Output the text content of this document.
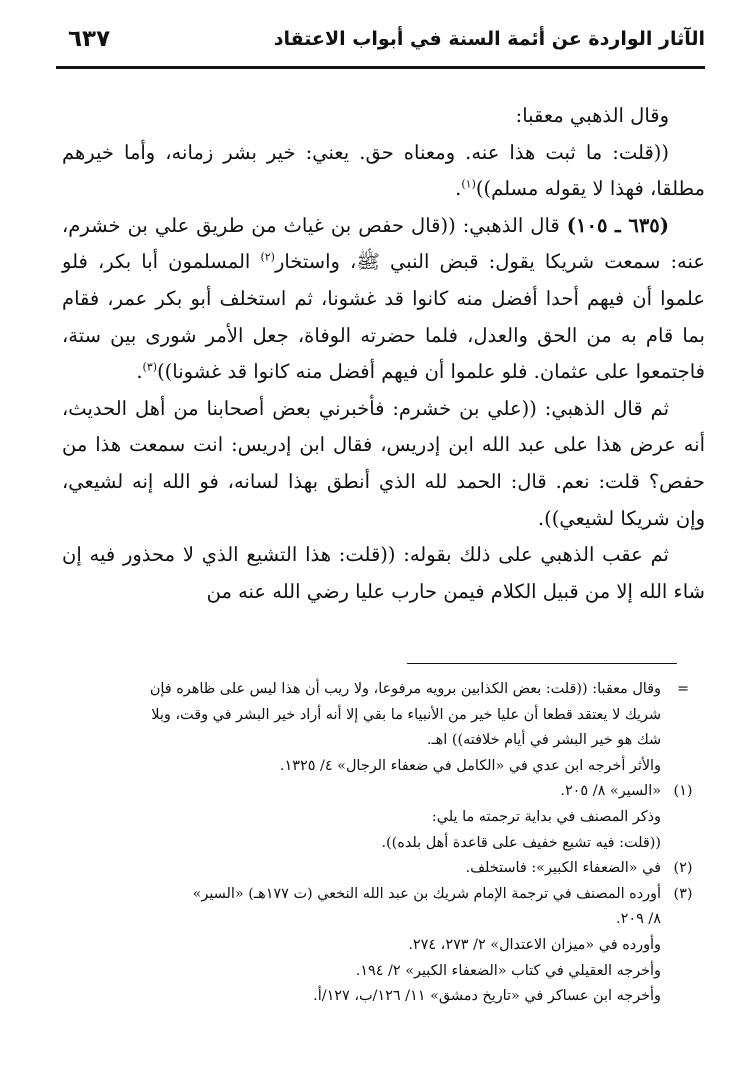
الآثار الواردة عن أئمة السنة في أبواب الاعتقاد
٦٣٧

وقال الذهبي معقبا:

((قلت: ما ثبت هذا عنه. ومعناه حق. يعني: خير بشر زمانه، وأما خيرهم مطلقا، فهذا لا يقوله مسلم))$^{(١)}$.

(٦٣٥ ـ ١٠٥) قال الذهبي: ((قال حفص بن غياث من طريق علي بن خشرم، عنه: سمعت شريكا يقول: قبض النبي ﷺ، واستخار$^{(٢)}$ المسلمون أبا بكر، فلو علموا أن فيهم أحدا أفضل منه كانوا قد غشونا، ثم استخلف أبو بكر عمر، فقام بما قام به من الحق والعدل، فلما حضرته الوفاة، جعل الأمر شورى بين ستة، فاجتمعوا على عثمان. فلو علموا أن فيهم أفضل منه كانوا قد غشونا))$^{(٣)}$.

ثم قال الذهبي: ((علي بن خشرم: فأخبرني بعض أصحابنا من أهل الحديث، أنه عرض هذا على عبد الله ابن إدريس، فقال ابن إدريس: انت سمعت هذا من حفص؟ قلت: نعم. قال: الحمد لله الذي أنطق بهذا لسانه، فو الله إنه لشيعي، وإن شريكا لشيعي)).

ثم عقب الذهبي على ذلك بقوله: ((قلت: هذا التشيع الذي لا محذور فيه إن شاء الله إلا من قبيل الكلام فيمن حارب عليا رضي الله عنه من

=
وقال معقبا: ((قلت: بعض الكذابين برويه مرفوعا، ولا ريب أن هذا ليس على ظاهره فإن
شريك لا يعتقد قطعا أن عليا خير من الأنبياء ما بقي إلا أنه أراد خير البشر في وقت، وبلا
شك هو خير البشر في أيام خلافته)) اهـ.
والأثر أخرجه ابن عدي في «الكامل في ضعفاء الرجال» ٤/ ١٣٢٥.
(١)
«السير» ٨/ ٢٠٥.
وذكر المصنف في بداية ترجمته ما يلي:
((قلت: فيه تشيع خفيف على قاعدة أهل بلده)).
(٢)
في «الضعفاء الكبير»: فاستخلف.
(٣)
أورده المصنف في ترجمة الإمام شريك بن عبد الله النخعي (ت ١٧٧هـ) «السير»
٨/ ٢٠٩.
وأورده في «ميزان الاعتدال» ٢/ ٢٧٣، ٢٧٤.
وأخرجه العقيلي في كتاب «الضعفاء الكبير» ٢/ ١٩٤.
وأخرجه ابن عساكر في «تاريخ دمشق» ١١/ ١٢٦/ب، ١٢٧/أ.
